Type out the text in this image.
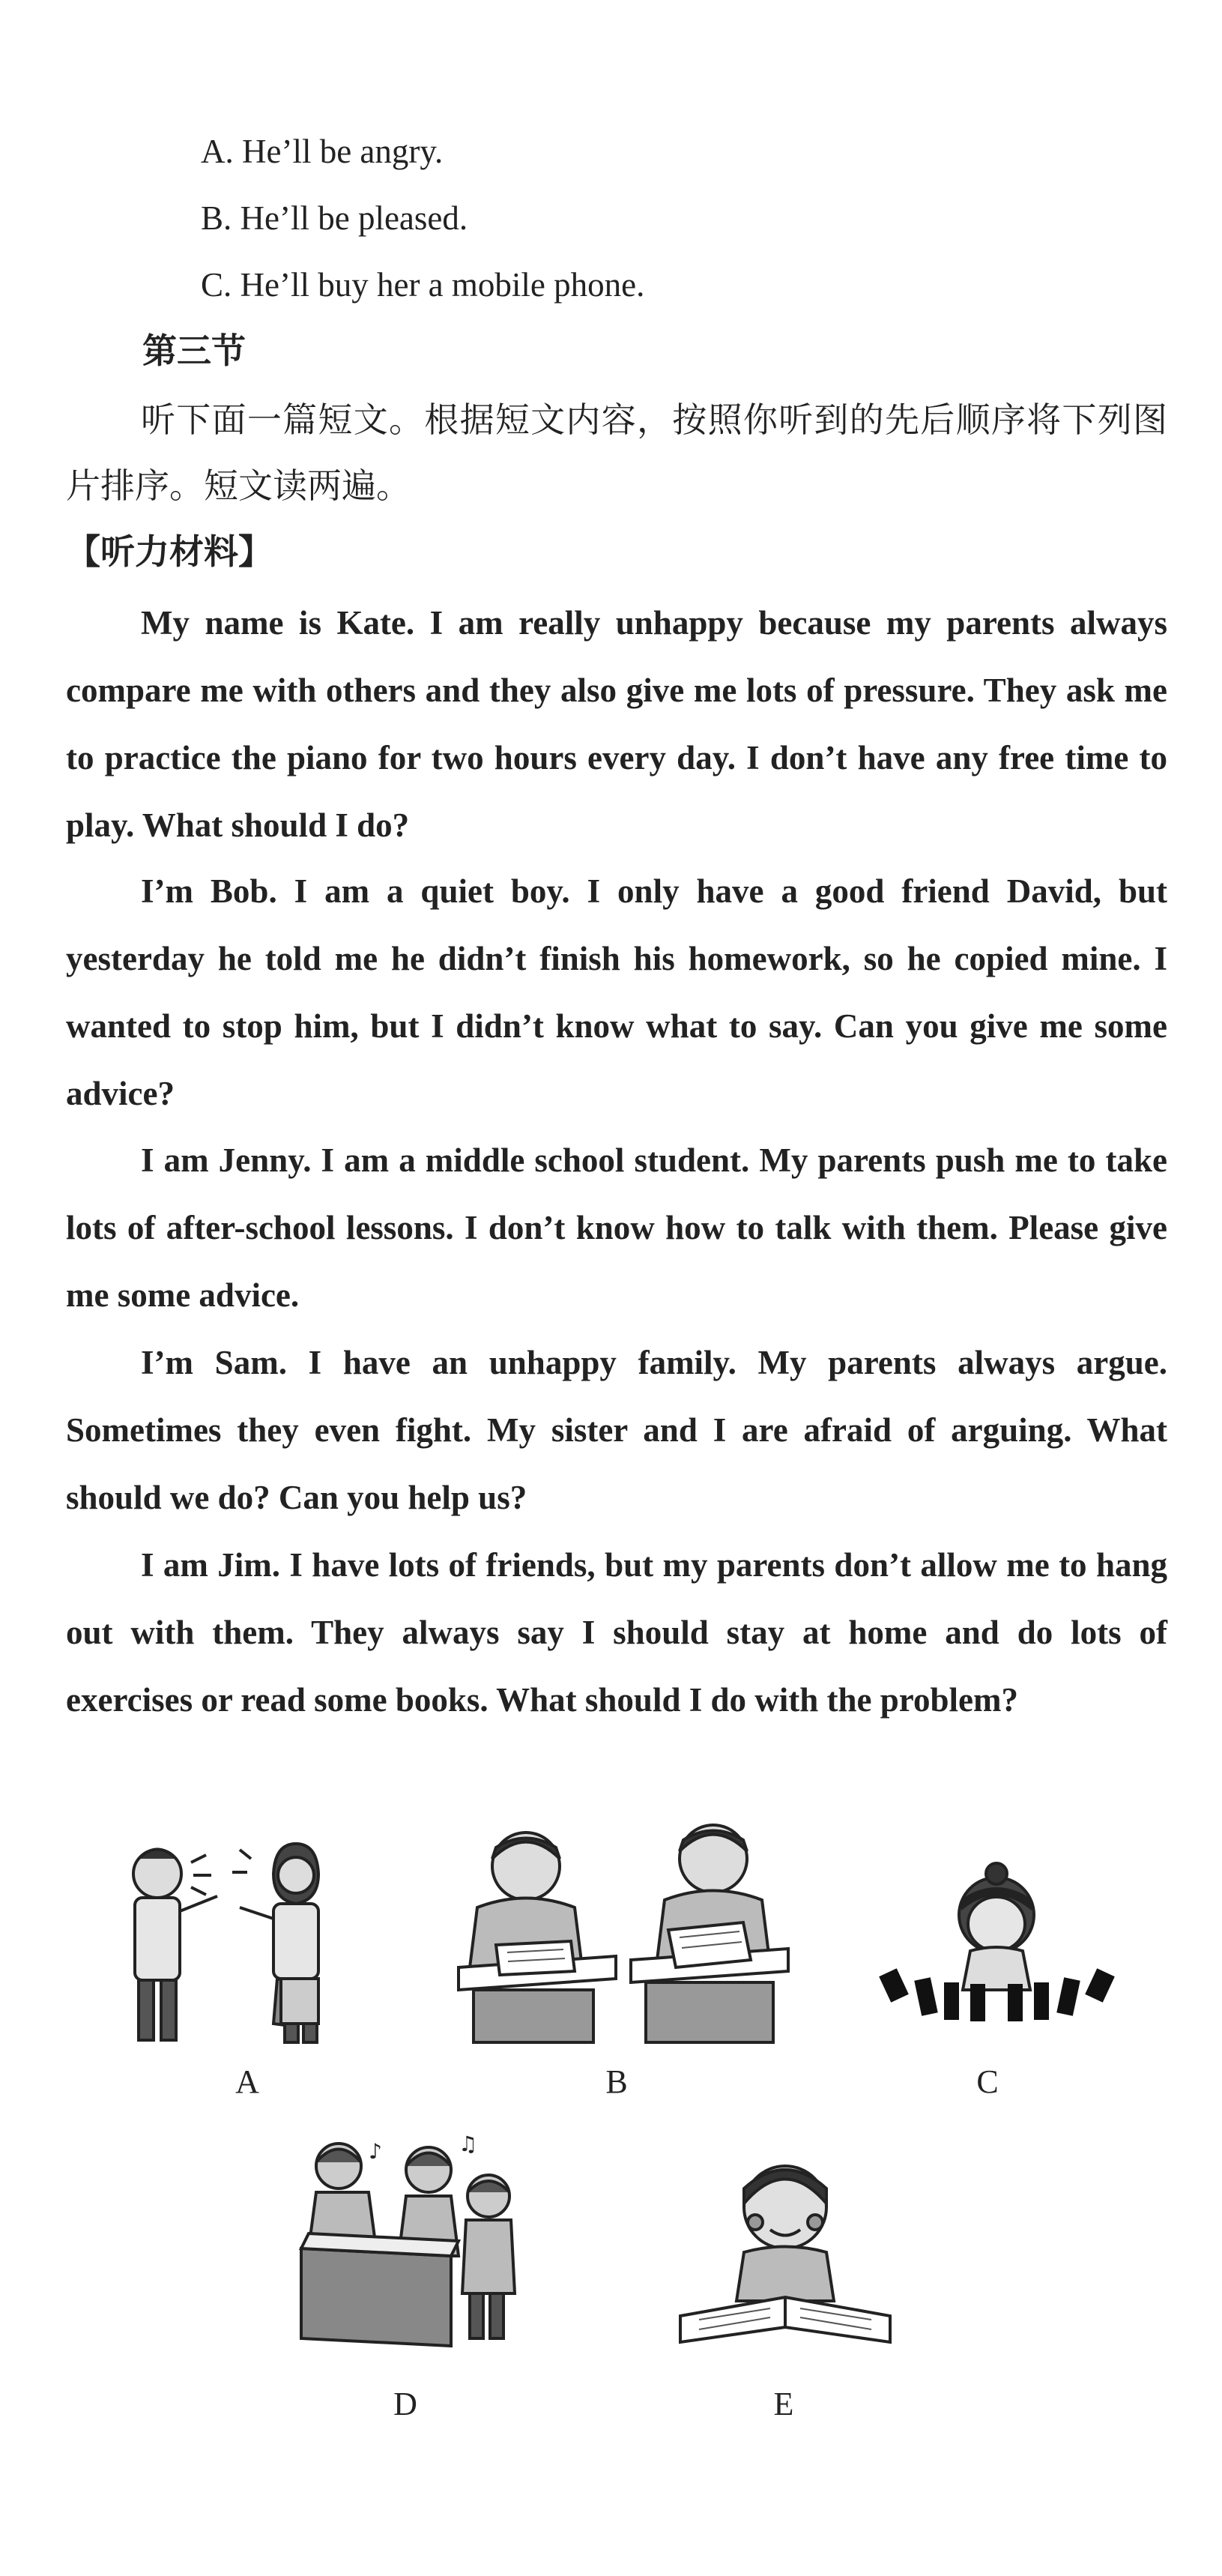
A. He’ll be angry.

B. He’ll be pleased.

C. He’ll buy her a mobile phone.

第三节

听下面一篇短文。根据短文内容，按照你听到的先后顺序将下列图片排序。短文读两遍。

【听力材料】

My name is Kate. I am really unhappy because my parents always compare me with others and they also give me lots of pressure. They ask me to practice the piano for two hours every day. I don’t have any free time to play. What should I do?

I’m Bob. I am a quiet boy. I only have a good friend David, but yesterday he told me he didn’t finish his homework, so he copied mine. I wanted to stop him, but I didn’t know what to say. Can you give me some advice?

I am Jenny. I am a middle school student. My parents push me to take lots of after-school lessons. I don’t know how to talk with them. Please give me some advice.

I’m Sam. I have an unhappy family. My parents always argue. Sometimes they even fight. My sister and I are afraid of arguing. What should we do? Can you help us?

I am Jim. I have lots of friends, but my parents don’t allow me to hang out with them. They always say I should stay at home and do lots of exercises or read some books. What should I do with the problem?

A	B	C
♪	♫
D	E
